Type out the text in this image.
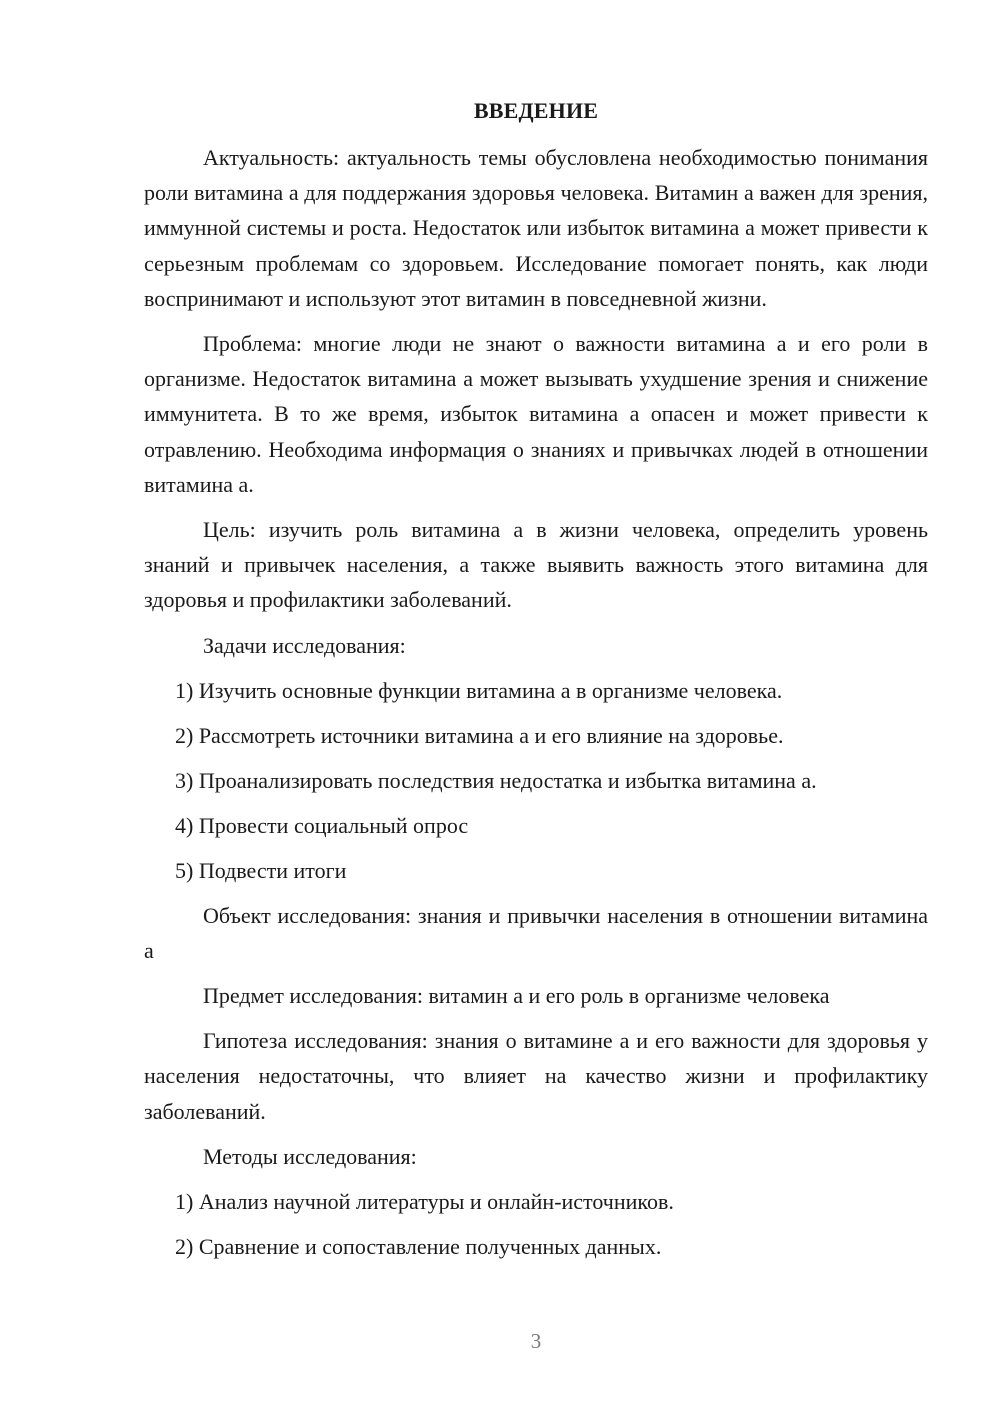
ВВЕДЕНИЕ

Актуальность: актуальность темы обусловлена необходимостью понимания роли витамина а для поддержания здоровья человека. Витамин а важен для зрения, иммунной системы и роста. Недостаток или избыток витамина а может привести к серьезным проблемам со здоровьем. Исследование помогает понять, как люди воспринимают и используют этот витамин в повседневной жизни.

Проблема: многие люди не знают о важности витамина а и его роли в организме. Недостаток витамина а может вызывать ухудшение зрения и снижение иммунитета. В то же время, избыток витамина а опасен и может привести к отравлению. Необходима информация о знаниях и привычках людей в отношении витамина а.

Цель: изучить роль витамина а в жизни человека, определить уровень знаний и привычек населения, а также выявить важность этого витамина для здоровья и профилактики заболеваний.

Задачи исследования:
1) Изучить основные функции витамина а в организме человека.
2) Рассмотреть источники витамина а и его влияние на здоровье.
3) Проанализировать последствия недостатка и избытка витамина а.
4) Провести социальный опрос
5) Подвести итоги

Объект исследования: знания и привычки населения в отношении витамина а

Предмет исследования: витамин а и его роль в организме человека

Гипотеза исследования: знания о витамине а и его важности для здоровья у населения недостаточны, что влияет на качество жизни и профилактику заболеваний.

Методы исследования:
1) Анализ научной литературы и онлайн-источников.
2) Сравнение и сопоставление полученных данных.
3
